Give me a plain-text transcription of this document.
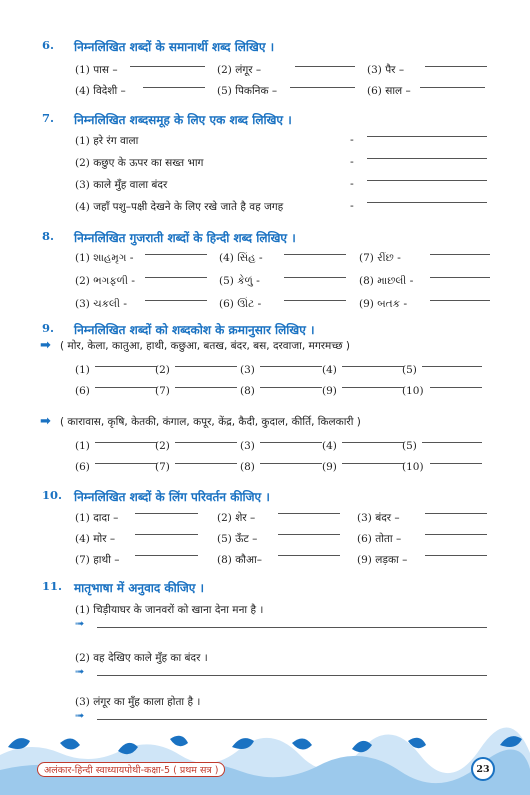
6. निम्नलिखित शब्दों के समानार्थी शब्द लिखिए ।
(1) पास –	(2) लंगूर –	(3) पैर –
(4) विदेशी –	(5) पिकनिक –	(6) साल –
7. निम्नलिखित शब्दसमूह के लिए एक शब्द लिखिए ।
(1) हरे रंग वाला	-
(2) कछुए के ऊपर का सख्त भाग	-
(3) काले मुँह वाला बंदर	-
(4) जहाँ पशु–पक्षी देखने के लिए रखे जाते है वह जगह	-
8. निम्नलिखित गुजराती शब्दों के हिन्दी शब्द लिखिए ।
(1) શાહમૃગ -	(4) સિંહ -	(7) રીંછ -
(2) ભગફળી -	(5) કેળું -	(8) માછલી -
(3) ચકલી -	(6) ઊંટ -	(9) બતક -
9. निम्नलिखित शब्दों को शब्दकोश के क्रमानुसार लिखिए ।
➡ ( मोर, केला, कातुआ, हाथी, कछुआ, बतख, बंदर, बस, दरवाजा, मगरमच्छ )
(1)	(2)	(3)	(4)	(5)
(6)	(7)	(8)	(9)	(10)
➡ ( कारावास, कृषि, केतकी, कंगाल, कपूर, केंद्र, कैदी, कुदाल, कीर्ति, किलकारी )
(1)	(2)	(3)	(4)	(5)
(6)	(7)	(8)	(9)	(10)
10. निम्नलिखित शब्दों के लिंग परिवर्तन कीजिए ।
(1) दादा –	(2) शेर –	(3) बंदर –
(4) मोर –	(5) ऊँट –	(6) तोता –
(7) हाथी –	(8) कौआ–	(9) लड़का –
11. मातृभाषा में अनुवाद कीजिए ।
(1) चिड़ीयाघर के जानवरों को खाना देना मना है ।
➟
(2) वह देखिए काले मुँह का बंदर ।
➟
(3) लंगूर का मुँह काला होता है ।
➟
अलंकार-हिन्दी स्वाध्यायपोथी-कक्षा-5 ( प्रथम सत्र )	23
